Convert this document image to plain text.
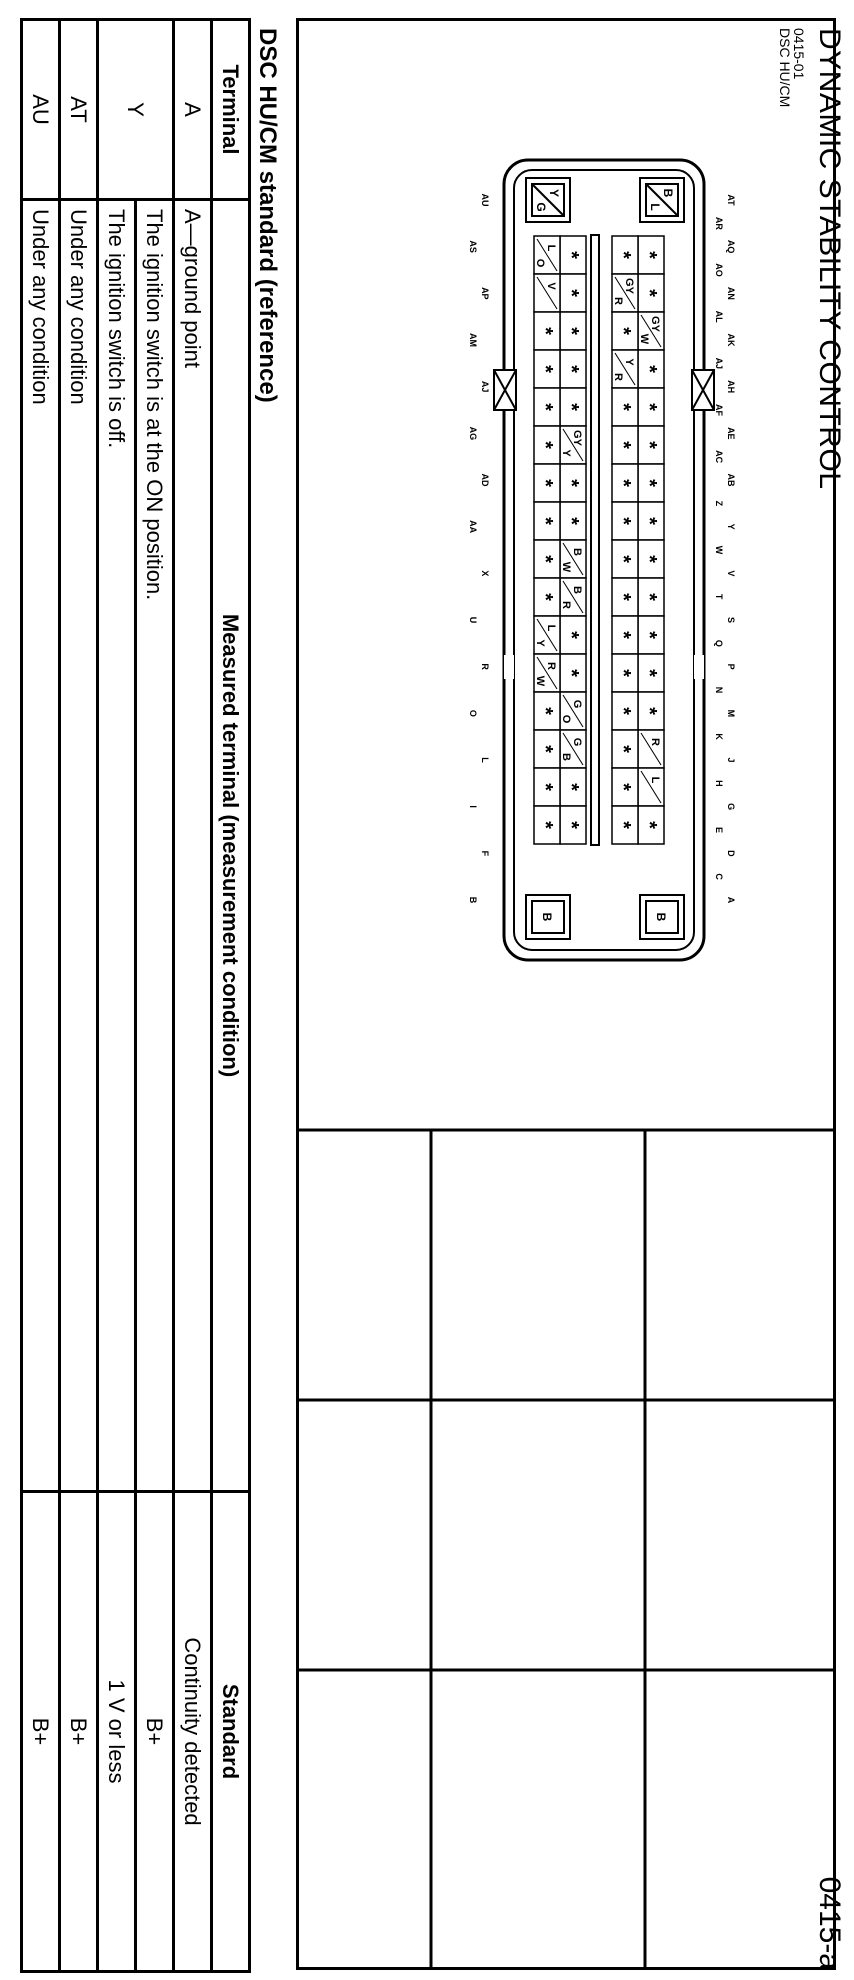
DYNAMIC STABILITY CONTROL
0415-a
0415-01
DSC HU/CM
B
L
B
Y
G
B
*
*
GY
W
*
*
*
*
*
*
*
*
*
*
R
L
*
*
GY
R
*
Y
R
*
*
*
*
*
*
*
*
*
*
*
*
*
*
*
*
*
GY
Y
*
*
B
W
B
R
*
*
G
O
G
B
*
*
L
O
V
*
*
*
*
*
*
*
*
L
Y
R
W
*
*
*
*
AT
AR
AQ
AO
AN
AL
AK
AJ
AH
AF
AE
AC
AB
Z
Y
W
V
T
S
Q
P
N
M
K
J
H
G
E
D
C
A
AU
AS
AP
AM
AJ
AG
AD
AA
X
U
R
O
L
I
F
B
DSC HU/CM standard (reference)
Terminal	Measured terminal (measurement condition)	Standard
A	A—ground point	Continuity detected
Y	The ignition switch is at the ON position.	B+
	The ignition switch is off.	1 V or less
AT	Under any condition	B+
AU	Under any condition	B+
